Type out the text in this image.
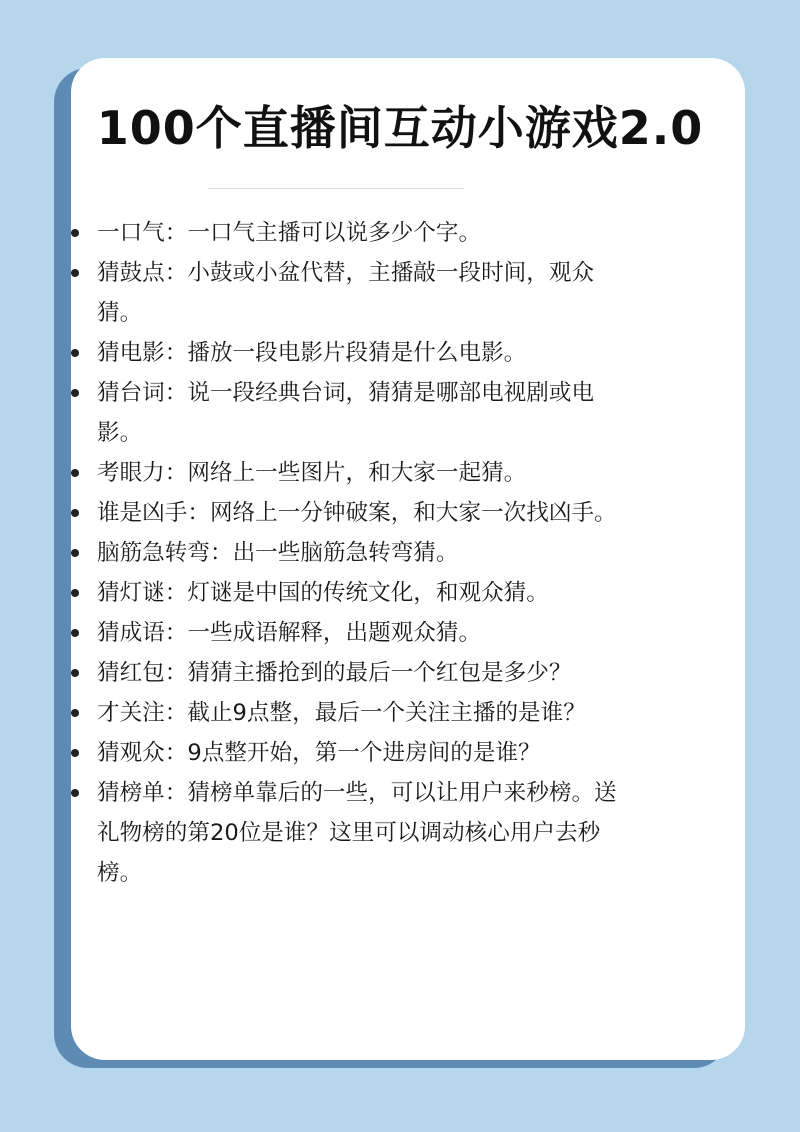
100个直播间互动小游戏2.0
一口气：一口气主播可以说多少个字。
猜鼓点：小鼓或小盆代替，主播敲一段时间，观众猜。
猜电影：播放一段电影片段猜是什么电影。
猜台词：说一段经典台词，猜猜是哪部电视剧或电影。
考眼力：网络上一些图片，和大家一起猜。
谁是凶手：网络上一分钟破案，和大家一次找凶手。
脑筋急转弯：出一些脑筋急转弯猜。
猜灯谜：灯谜是中国的传统文化，和观众猜。
猜成语：一些成语解释，出题观众猜。
猜红包：猜猜主播抢到的最后一个红包是多少？
才关注：截止9点整，最后一个关注主播的是谁？
猜观众：9点整开始，第一个进房间的是谁？
猜榜单：猜榜单靠后的一些，可以让用户来秒榜。送礼物榜的第20位是谁？这里可以调动核心用户去秒榜。
